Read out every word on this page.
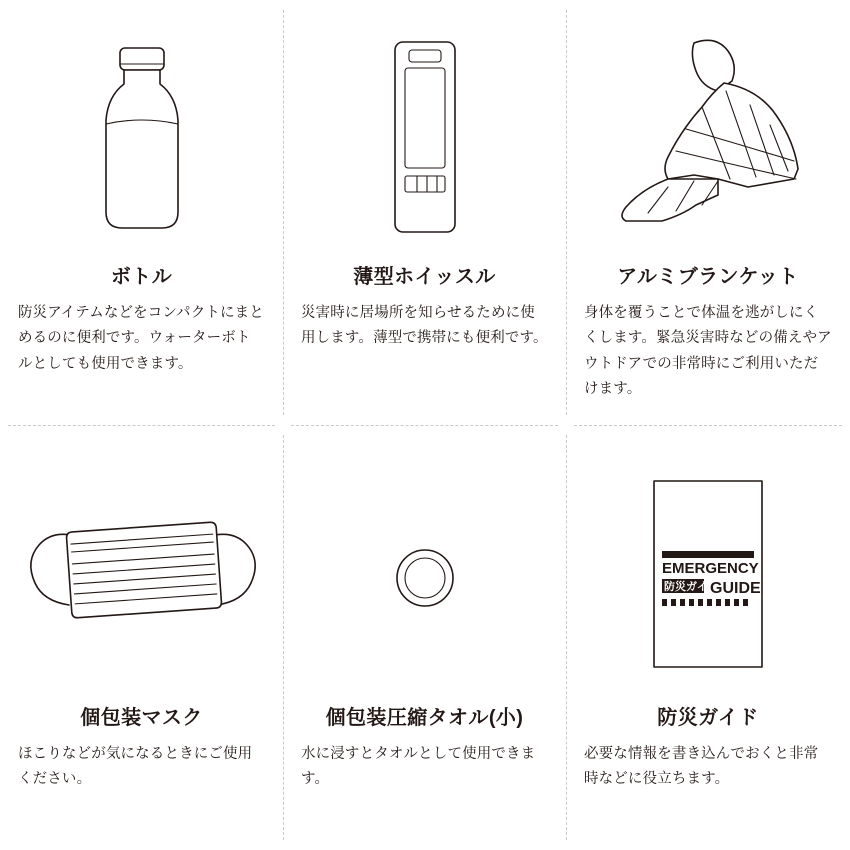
ボトル
防災アイテムなどをコンパクトにまとめるのに便利です。ウォーターボトルとしても使用できます。
薄型ホイッスル
災害時に居場所を知らせるために使用します。薄型で携帯にも便利です。
アルミブランケット
身体を覆うことで体温を逃がしにくくします。緊急災害時などの備えやアウトドアでの非常時にご利用いただけます。
個包装マスク
ほこりなどが気になるときにご使用ください。
個包装圧縮タオル(小)
水に浸すとタオルとして使用できます。
EMERGENCY
防災ガイド
GUIDE
防災ガイド
必要な情報を書き込んでおくと非常時などに役立ちます。
